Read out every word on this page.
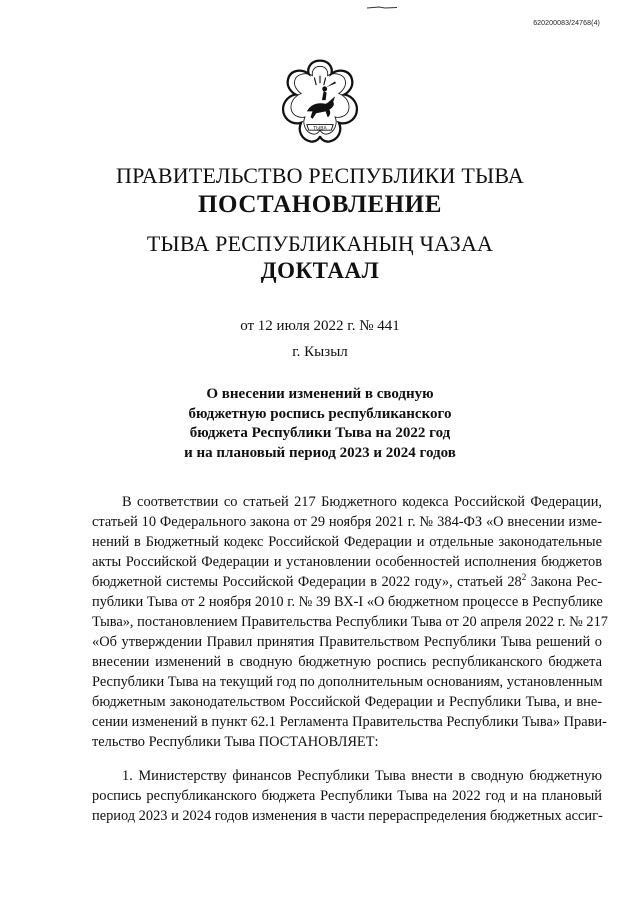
620200083/24768(4)
ТЫВА
ПРАВИТЕЛЬСТВО РЕСПУБЛИКИ ТЫВА
ПОСТАНОВЛЕНИЕ
ТЫВА РЕСПУБЛИКАНЫҢ ЧАЗАА
ДОКТААЛ
от 12 июля 2022 г. № 441
г. Кызыл
О внесении изменений в сводную
бюджетную роспись республиканского
бюджета Республики Тыва на 2022 год
и на плановый период 2023 и 2024 годов
В соответствии со статьей 217 Бюджетного кодекса Российской Федерации,
статьей 10 Федерального закона от 29 ноября 2021 г. № 384-ФЗ «О внесении изме-
нений в Бюджетный кодекс Российской Федерации и отдельные законодательные
акты Российской Федерации и установлении особенностей исполнения бюджетов
бюджетной системы Российской Федерации в 2022 году», статьей $28^2$ Закона Рес-
публики Тыва от 2 ноября 2010 г. № 39 ВХ-I «О бюджетном процессе в Республике
Тыва», постановлением Правительства Республики Тыва от 20 апреля 2022 г. № 217
«Об утверждении Правил принятия Правительством Республики Тыва решений о
внесении изменений в сводную бюджетную роспись республиканского бюджета
Республики Тыва на текущий год по дополнительным основаниям, установленным
бюджетным законодательством Российской Федерации и Республики Тыва, и вне-
сении изменений в пункт 62.1 Регламента Правительства Республики Тыва» Прави-
тельство Республики Тыва ПОСТАНОВЛЯЕТ:
1. Министерству финансов Республики Тыва внести в сводную бюджетную
роспись республиканского бюджета Республики Тыва на 2022 год и на плановый
период 2023 и 2024 годов изменения в части перераспределения бюджетных ассиг-
